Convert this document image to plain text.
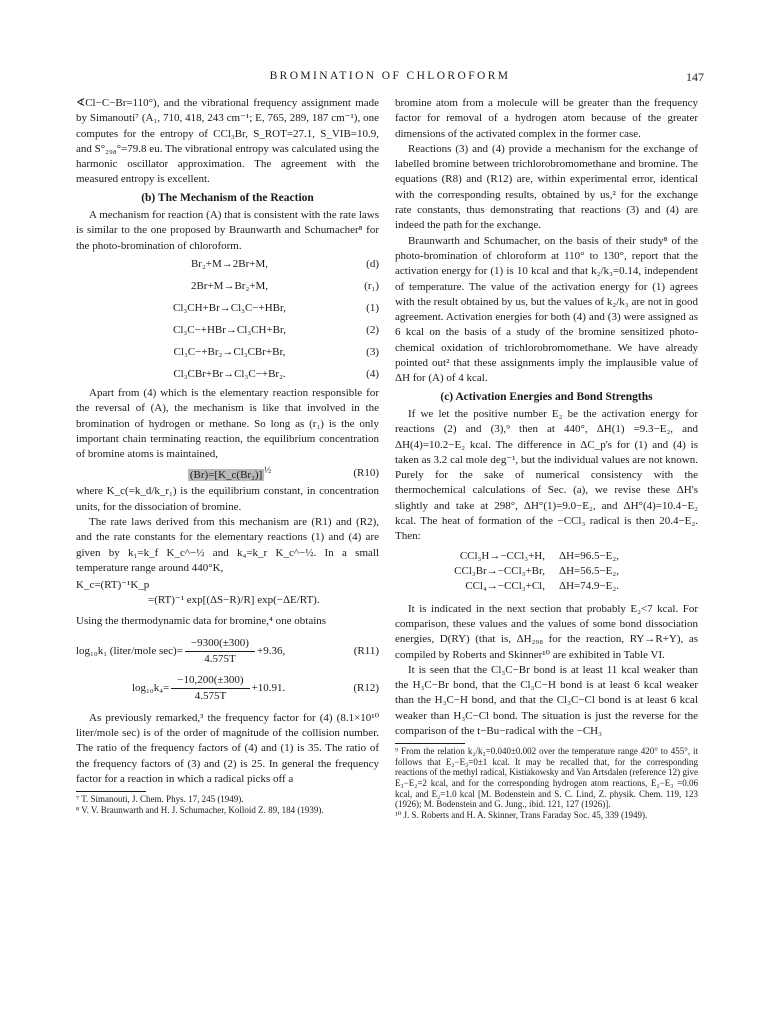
BROMINATION OF CHLOROFORM	147

∢Cl−C−Br=110°), and the vibrational frequency assignment made by Simanouti⁷ (A₁, 710, 418, 243 cm⁻¹; E, 765, 289, 187 cm⁻¹), one computes for the entropy of CCl₃Br, S_ROT=27.1, S_VIB=10.9, and S°₂₉₈°=79.8 eu. The vibrational entropy was calculated using the harmonic oscillator approximation. The agreement with the measured entropy is excellent.

(b) The Mechanism of the Reaction

A mechanism for reaction (A) that is consistent with the rate laws is similar to the one proposed by Braunwarth and Schumacher⁸ for the photo-bromination of chloroform.

Br₂+M→2Br+M,	(d)
2Br+M→Br₂+M,	(r₁)
Cl₃CH+Br→Cl₃C−+HBr,	(1)
Cl₃C−+HBr→Cl₃CH+Br,	(2)
Cl₃C−+Br₂→Cl₃CBr+Br,	(3)
Cl₃CBr+Br→Cl₃C−+Br₂.	(4)

Apart from (4) which is the elementary reaction responsible for the reversal of (A), the mechanism is like that involved in the bromination of hydrogen or methane. So long as (r₁) is the only important chain terminating reaction, the equilibrium concentration of bromine atoms is maintained,

(Br)=[K_c(Br₂)] $^{\frac{1}{2}}$	(R10)

where K_c(=k_d/k_r₁) is the equilibrium constant, in concentration units, for the dissociation of bromine.

The rate laws derived from this mechanism are (R1) and (R2), and the rate constants for the elementary reactions (1) and (4) are given by k₁=k_f K_c^−½ and k₄=k_r K_c^−½. In a small temperature range around 440°K,

K_c=(RT)⁻¹K_p
=(RT)⁻¹ exp[(ΔS−R)/R] exp(−ΔE/RT).

Using the thermodynamic data for bromine,⁴ one obtains

log₁₀k₁ (liter/mole $\sec)= \frac{-9300(\pm 300)}{4.575T} +9.36$,	(R11)
$\log_{10}k_4= \frac{-10,200(\pm 300)}{4.575T} +10.91$.	(R12)

As previously remarked,³ the frequency factor for (4) (8.1×10¹⁰ liter/mole sec) is of the order of magnitude of the collision number. The ratio of the frequency factors of (4) and (1) is 35. The ratio of the frequency factors of (3) and (2) is 25. In general the frequency factor for a reaction in which a radical picks off a

⁷ T. Simanouti, J. Chem. Phys. 17, 245 (1949).

⁸ V. V. Braunwarth and H. J. Schumacher, Kolloid Z. 89, 184 (1939).

bromine atom from a molecule will be greater than the frequency factor for removal of a hydrogen atom because of the greater dimensions of the activated complex in the former case.

Reactions (3) and (4) provide a mechanism for the exchange of labelled bromine between trichlorobromomethane and bromine. The equations (R8) and (R12) are, within experimental error, identical with the corresponding results, obtained by us,² for the exchange rate constants, thus demonstrating that reactions (3) and (4) are indeed the path for the exchange.

Braunwarth and Schumacher, on the basis of their study⁸ of the photo-bromination of chloroform at 110° to 130°, report that the activation energy for (1) is 10 kcal and that k₂/k₃=0.14, independent of temperature. The value of the activation energy for (1) agrees with the result obtained by us, but the values of k₂/k₃ are not in good agreement. Activation energies for both (4) and (3) were assigned as 6 kcal on the basis of a study of the bromine sensitized photo-chemical oxidation of trichlorobromomethane. We have already pointed out² that these assignments imply the implausible value of ΔH for (A) of 4 kcal.

(c) Activation Energies and Bond Strengths

If we let the positive number E₂ be the activation energy for reactions (2) and (3),⁹ then at 440°, ΔH(1) =9.3−E₂, and ΔH(4)=10.2−E₂ kcal. The difference in ΔC_p's for (1) and (4) is taken as 3.2 cal mole deg⁻¹, but the individual values are not known. Purely for the sake of numerical consistency with the thermochemical calculations of Sec. (a), we revise these ΔH's slightly and take at 298°, ΔH°(1)=9.0−E₂, and ΔH°(4)=10.4−E₂ kcal. The heat of formation of the −CCl₃ radical is then 20.4−E₂. Then:

CCl₃H→−CCl₃+H,	ΔH=96.5−E₂,
CCl₃Br→−CCl₃+Br,	ΔH=56.5−E₂,
CCl₄→−CCl₃+Cl,	ΔH=74.9−E₂.

It is indicated in the next section that probably E₂<7 kcal. For comparison, these values and the values of some bond dissociation energies, D(RY) (that is, ΔH₂₉₈ for the reaction, RY→R+Y), as compiled by Roberts and Skinner¹⁰ are exhibited in Table VI.

It is seen that the Cl₃C−Br bond is at least 11 kcal weaker than the H₃C−Br bond, that the Cl₃C−H bond is at least 6 kcal weaker than the H₃C−H bond, and that the Cl₃C−Cl bond is at least 6 kcal weaker than H₃C−Cl bond. The situation is just the reverse for the comparison of the t−Bu−radical with the −CH₃

⁹ From the relation k₂/k₃=0.040±0.002 over the temperature range 420° to 455°, it follows that E₂−E₃=0±1 kcal. It may be recalled that, for the corresponding reactions of the methyl radical, Kistiakowsky and Van Artsdalen (reference 12) give E₃−E₂=2 kcal, and for the corresponding hydrogen atom reactions, E₂−E₃ =0.06 kcal, and E₂=1.0 kcal [M. Bodenstein and S. C. Lind, Z. physik. Chem. 119, 123 (1926); M. Bodenstein and G. Jung., ibid. 121, 127 (1926)].

¹⁰ J. S. Roberts and H. A. Skinner, Trans Faraday Soc. 45, 339 (1949).
